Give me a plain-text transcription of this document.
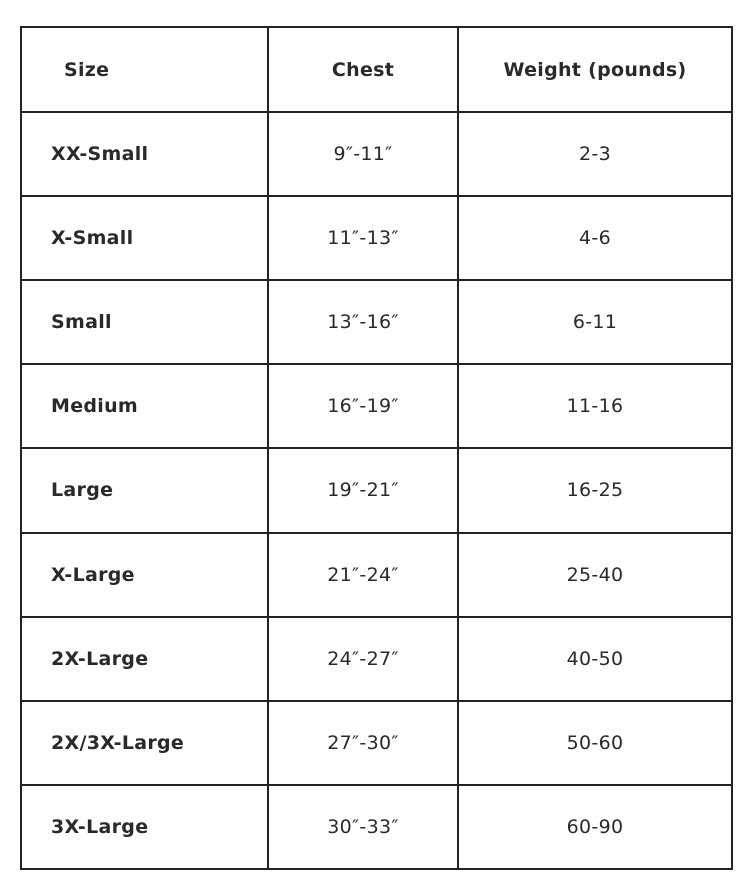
Size	Chest	Weight (pounds)
XX-Small	9″-11″	2-3
X-Small	11″-13″	4-6
Small	13″-16″	6-11
Medium	16″-19″	11-16
Large	19″-21″	16-25
X-Large	21″-24″	25-40
2X-Large	24″-27″	40-50
2X/3X-Large	27″-30″	50-60
3X-Large	30″-33″	60-90
